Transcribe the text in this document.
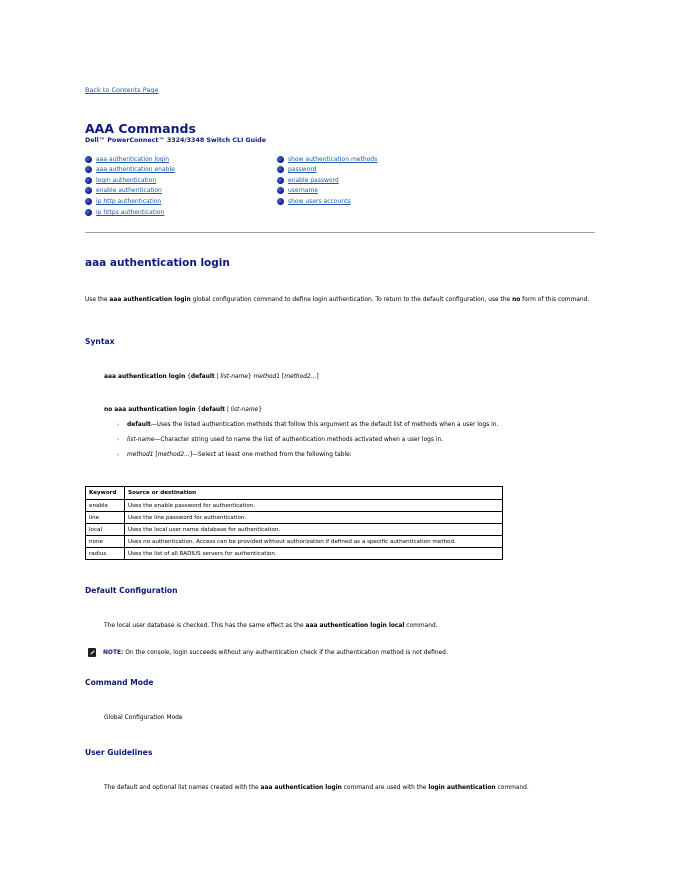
Back to Contents Page
AAA Commands
Dell™ PowerConnect™ 3324/3348 Switch CLI Guide
aaa authentication login
aaa authentication enable
login authentication
enable authentication
ip http authentication
ip https authentication
show authentication methods
password
enable password
username
show users accounts
aaa authentication login
Use the aaa authentication login global configuration command to define login authentication. To return to the default configuration, use the no form of this command.
Syntax
aaa authentication login {default | list-name} method1 [method2...]
no aaa authentication login {default | list-name}
› default—Uses the listed authentication methods that follow this argument as the default list of methods when a user logs in.
› list-name—Character string used to name the list of authentication methods activated when a user logs in.
› method1 [method2...]—Select at least one method from the following table:
Keyword	Source or destination
enable	Uses the enable password for authentication.
line	Uses the line password for authentication.
local	Uses the local user name database for authentication.
none	Uses no authentication. Access can be provided without authorization if defined as a specific authentication method.
radius	Uses the list of all RADIUS servers for authentication.
Default Configuration
The local user database is checked. This has the same effect as the aaa authentication login local command.
NOTE: On the console, login succeeds without any authentication check if the authentication method is not defined.
Command Mode
Global Configuration Mode
User Guidelines
The default and optional list names created with the aaa authentication login command are used with the login authentication command.
